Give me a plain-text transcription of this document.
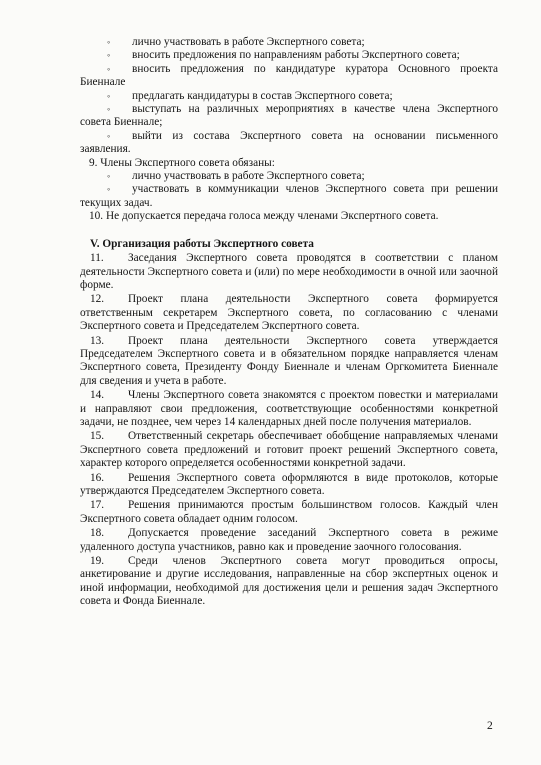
◦ лично участвовать в работе Экспертного совета;

◦ вносить предложения по направлениям работы Экспертного совета;

◦ вносить предложения по кандидатуре куратора Основного проекта Биеннале

◦ предлагать кандидатуры в состав Экспертного совета;

◦ выступать на различных мероприятиях в качестве члена Экспертного совета Биеннале;

◦ выйти из состава Экспертного совета на основании письменного заявления.

9. Члены Экспертного совета обязаны:

◦ лично участвовать в работе Экспертного совета;

◦ участвовать в коммуникации членов Экспертного совета при решении текущих задач.

10. Не допускается передача голоса между членами Экспертного совета.

V. Организация работы Экспертного совета

11. Заседания Экспертного совета проводятся в соответствии с планом деятельности Экспертного совета и (или) по мере необходимости в очной или заочной форме.

12. Проект плана деятельности Экспертного совета формируется ответственным секретарем Экспертного совета, по согласованию с членами Экспертного совета и Председателем Экспертного совета.

13. Проект плана деятельности Экспертного совета утверждается Председателем Экспертного совета и в обязательном порядке направляется членам Экспертного совета, Президенту Фонду Биеннале и членам Оргкомитета Биеннале для сведения и учета в работе.

14. Члены Экспертного совета знакомятся с проектом повестки и материалами и направляют свои предложения, соответствующие особенностями конкретной задачи, не позднее, чем через 14 календарных дней после получения материалов.

15. Ответственный секретарь обеспечивает обобщение направляемых членами Экспертного совета предложений и готовит проект решений Экспертного совета, характер которого определяется особенностями конкретной задачи.

16. Решения Экспертного совета оформляются в виде протоколов, которые утверждаются Председателем Экспертного совета.

17. Решения принимаются простым большинством голосов. Каждый член Экспертного совета обладает одним голосом.

18. Допускается проведение заседаний Экспертного совета в режиме удаленного доступа участников, равно как и проведение заочного голосования.

19. Среди членов Экспертного совета могут проводиться опросы, анкетирование и другие исследования, направленные на сбор экспертных оценок и иной информации, необходимой для достижения цели и решения задач Экспертного совета и Фонда Биеннале.

2
